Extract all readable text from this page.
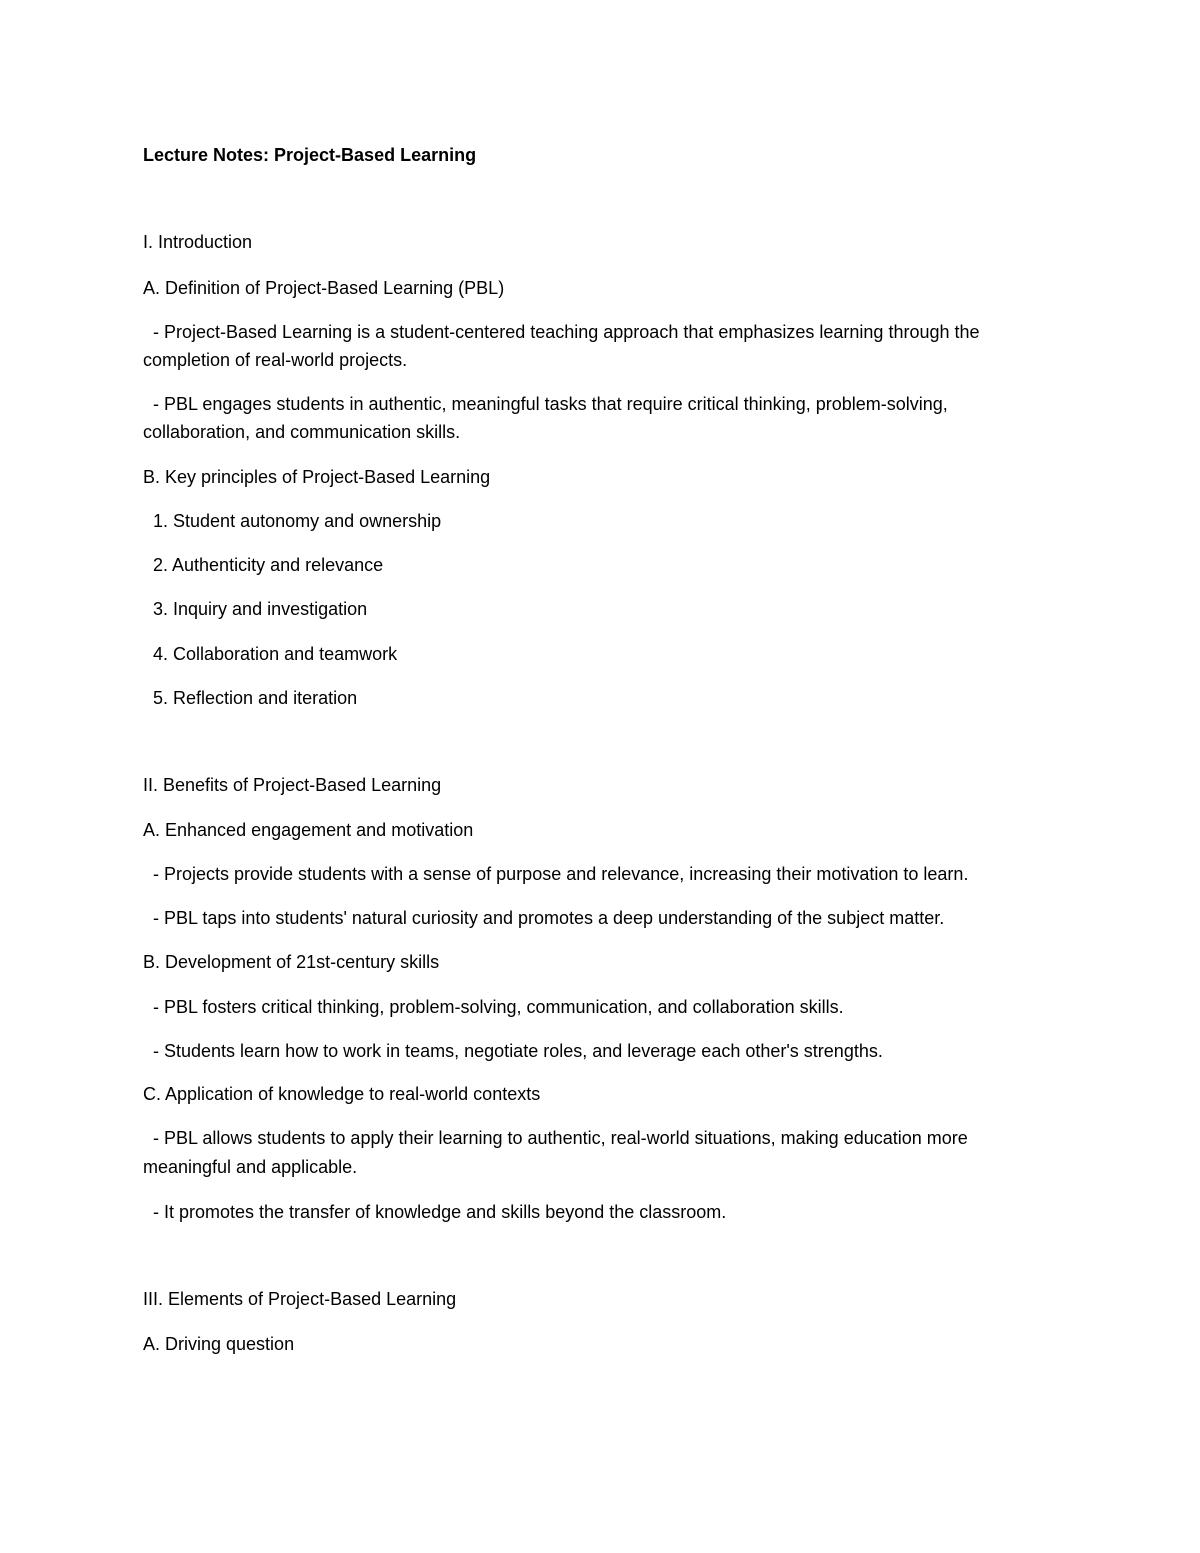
Lecture Notes: Project-Based Learning
I. Introduction
A. Definition of Project-Based Learning (PBL)
- Project-Based Learning is a student-centered teaching approach that emphasizes learning through the
completion of real-world projects.
- PBL engages students in authentic, meaningful tasks that require critical thinking, problem-solving,
collaboration, and communication skills.
B. Key principles of Project-Based Learning
1. Student autonomy and ownership
2. Authenticity and relevance
3. Inquiry and investigation
4. Collaboration and teamwork
5. Reflection and iteration
II. Benefits of Project-Based Learning
A. Enhanced engagement and motivation
- Projects provide students with a sense of purpose and relevance, increasing their motivation to learn.
- PBL taps into students' natural curiosity and promotes a deep understanding of the subject matter.
B. Development of 21st-century skills
- PBL fosters critical thinking, problem-solving, communication, and collaboration skills.
- Students learn how to work in teams, negotiate roles, and leverage each other's strengths.
C. Application of knowledge to real-world contexts
- PBL allows students to apply their learning to authentic, real-world situations, making education more
meaningful and applicable.
- It promotes the transfer of knowledge and skills beyond the classroom.
III. Elements of Project-Based Learning
A. Driving question
